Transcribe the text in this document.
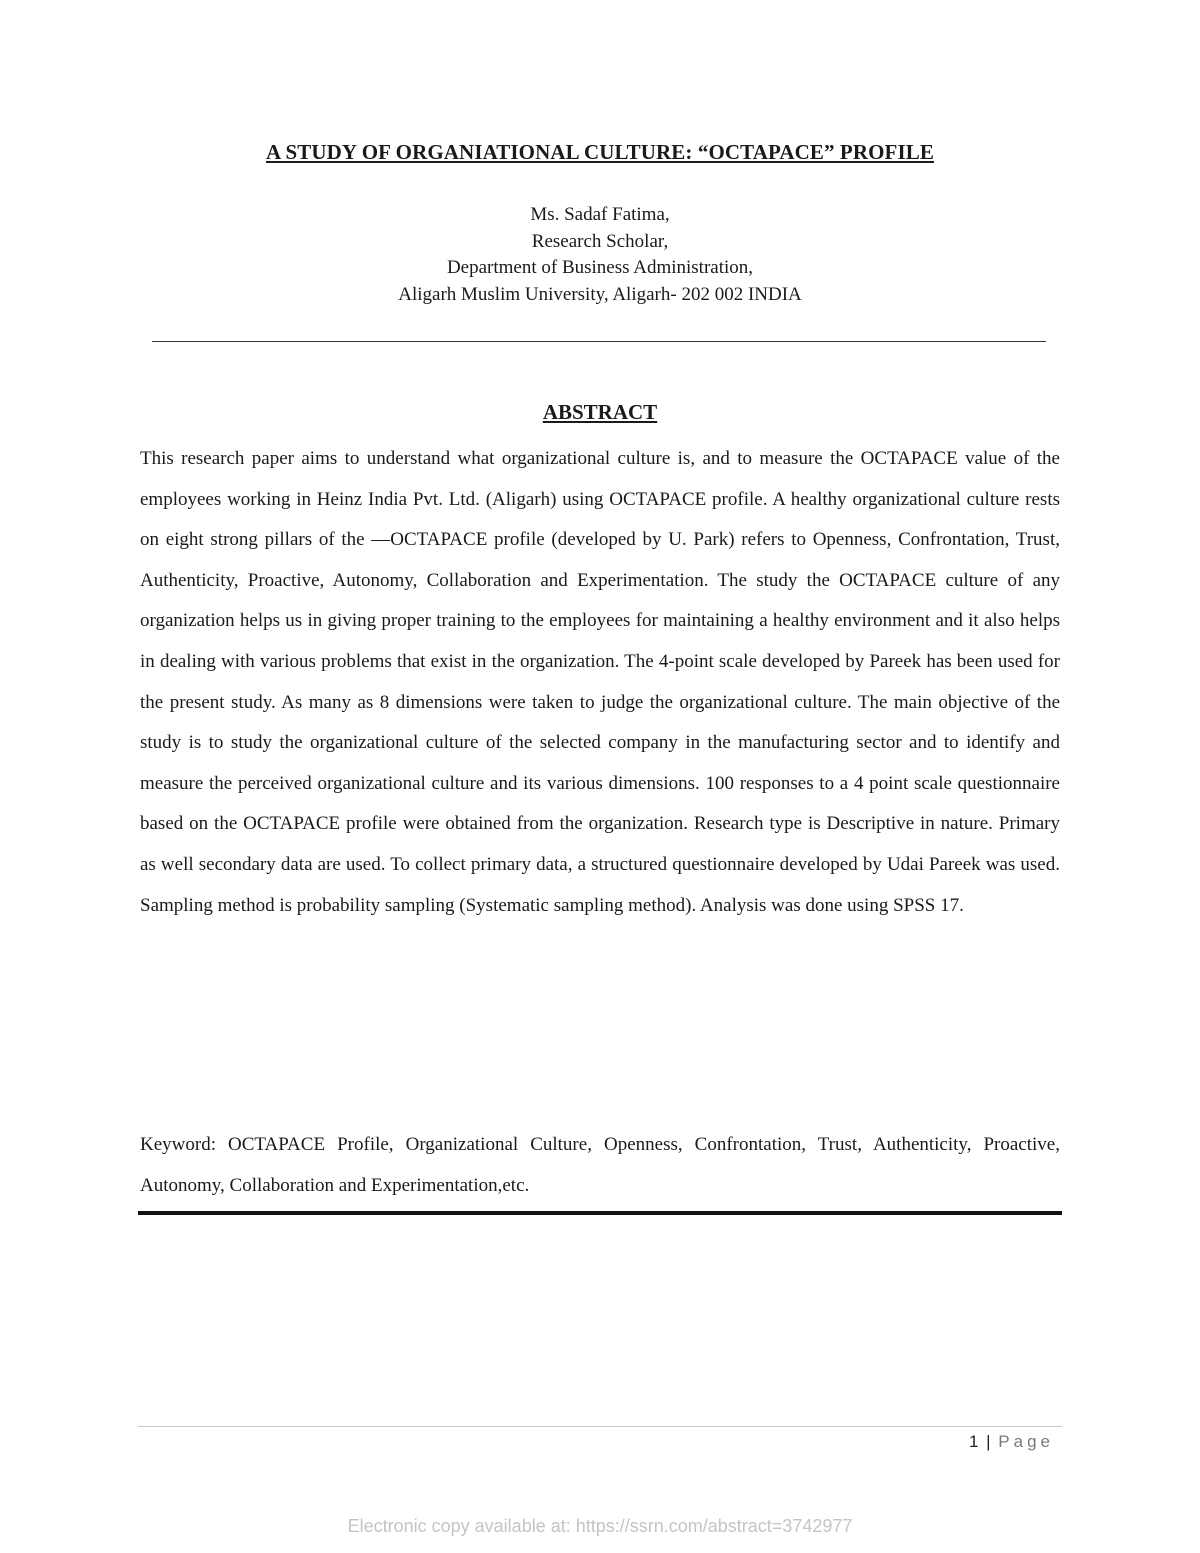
A STUDY OF ORGANIATIONAL CULTURE: “OCTAPACE” PROFILE
Ms. Sadaf Fatima,
Research Scholar,
Department of Business Administration,
Aligarh Muslim University, Aligarh- 202 002 INDIA
ABSTRACT

This research paper aims to understand what organizational culture is, and to measure the OCTAPACE value of the employees working in Heinz India Pvt. Ltd. (Aligarh) using OCTAPACE profile. A healthy organizational culture rests on eight strong pillars of the —OCTAPACE profile (developed by U. Park) refers to Openness, Confrontation, Trust, Authenticity, Proactive, Autonomy, Collaboration and Experimentation. The study the OCTAPACE culture of any organization helps us in giving proper training to the employees for maintaining a healthy environment and it also helps in dealing with various problems that exist in the organization. The 4-point scale developed by Pareek has been used for the present study. As many as 8 dimensions were taken to judge the organizational culture. The main objective of the study is to study the organizational culture of the selected company in the manufacturing sector and to identify and measure the perceived organizational culture and its various dimensions. 100 responses to a 4 point scale questionnaire based on the OCTAPACE profile were obtained from the organization. Research type is Descriptive in nature. Primary as well secondary data are used. To collect primary data, a structured questionnaire developed by Udai Pareek was used. Sampling method is probability sampling (Systematic sampling method). Analysis was done using SPSS 17.

Keyword: OCTAPACE Profile, Organizational Culture, Openness, Confrontation, Trust, Authenticity, Proactive, Autonomy, Collaboration and Experimentation,etc.

1 | Page
Electronic copy available at: https://ssrn.com/abstract=3742977
